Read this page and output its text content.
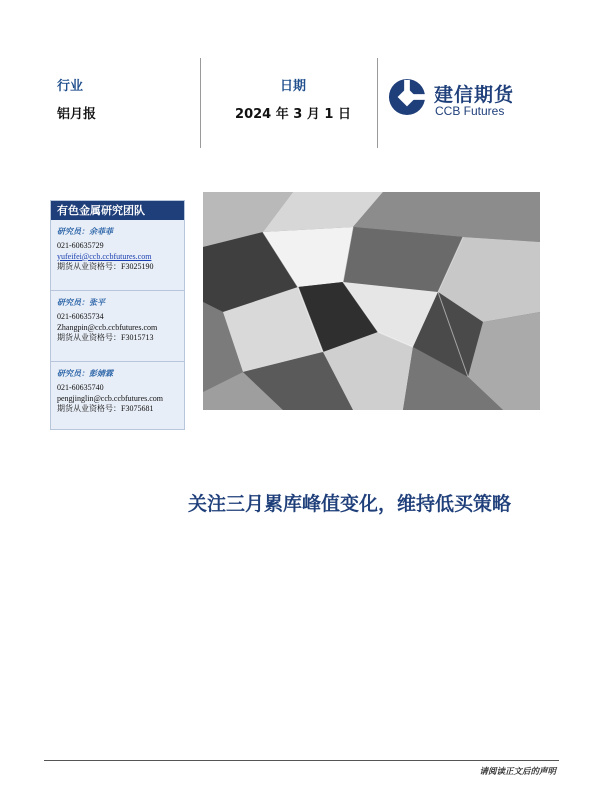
行业
铝月报
日期
2024 年 3 月 1 日
建信期货
CCB Futures
有色金属研究团队
研究员：余菲菲
021-60635729
yufeifei@ccb.ccbfutures.com
期货从业资格号：F3025190
研究员：张平
021-60635734
Zhangpin@ccb.ccbfutures.com
期货从业资格号：F3015713
研究员：彭婧霖
021-60635740
pengjinglin@ccb.ccbfutures.com
期货从业资格号：F3075681
关注三月累库峰值变化，维持低买策略
请阅读正文后的声明
